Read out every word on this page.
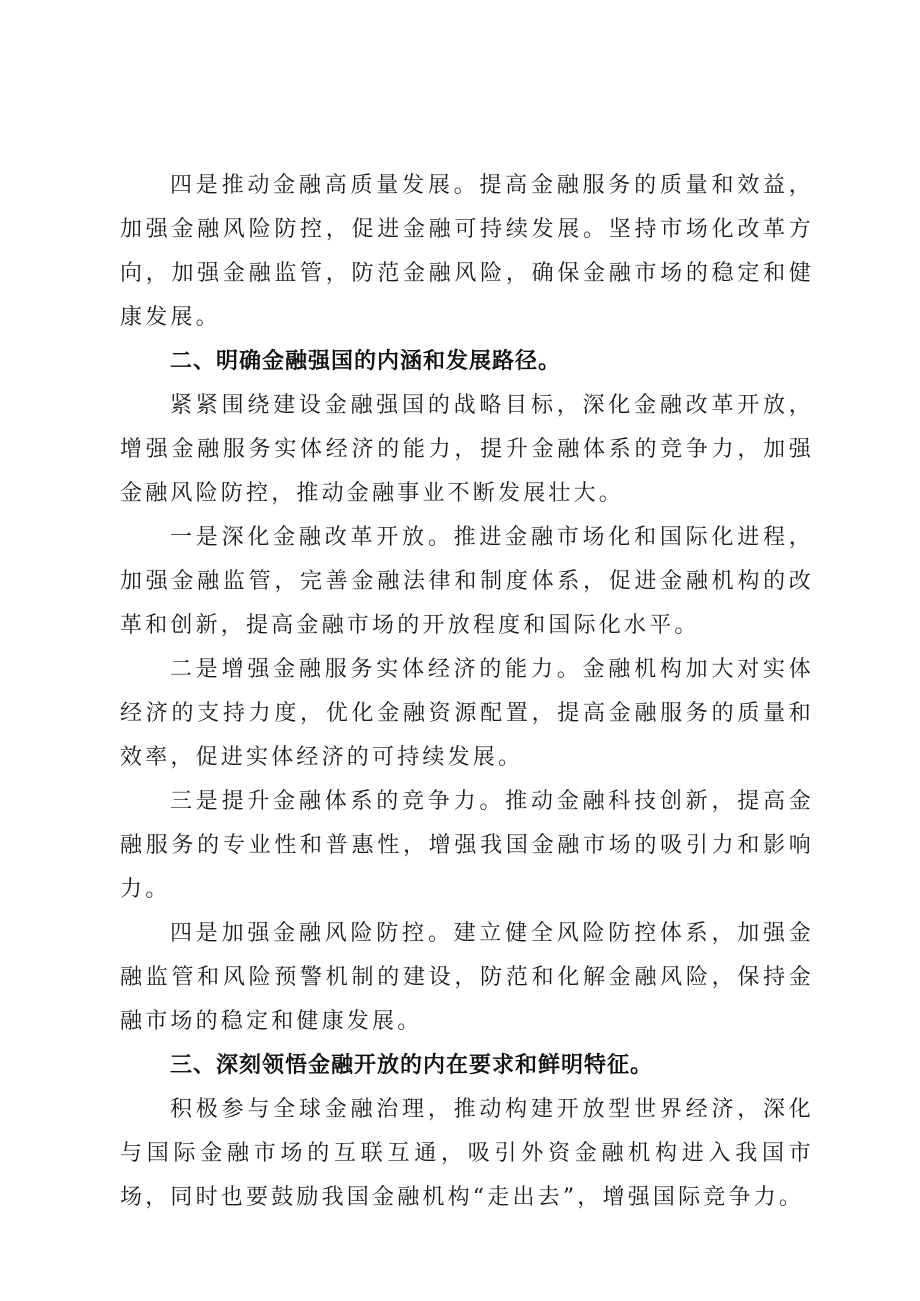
四是推动金融高质量发展。提高金融服务的质量和效益，加强金融风险防控，促进金融可持续发展。坚持市场化改革方向，加强金融监管，防范金融风险，确保金融市场的稳定和健康发展。

二、明确金融强国的内涵和发展路径。

紧紧围绕建设金融强国的战略目标，深化金融改革开放，增强金融服务实体经济的能力，提升金融体系的竞争力，加强金融风险防控，推动金融事业不断发展壮大。

一是深化金融改革开放。推进金融市场化和国际化进程，加强金融监管，完善金融法律和制度体系，促进金融机构的改革和创新，提高金融市场的开放程度和国际化水平。

二是增强金融服务实体经济的能力。金融机构加大对实体经济的支持力度，优化金融资源配置，提高金融服务的质量和效率，促进实体经济的可持续发展。

三是提升金融体系的竞争力。推动金融科技创新，提高金融服务的专业性和普惠性，增强我国金融市场的吸引力和影响力。

四是加强金融风险防控。建立健全风险防控体系，加强金融监管和风险预警机制的建设，防范和化解金融风险，保持金融市场的稳定和健康发展。

三、深刻领悟金融开放的内在要求和鲜明特征。

积极参与全球金融治理，推动构建开放型世界经济，深化与国际金融市场的互联互通，吸引外资金融机构进入我国市场，同时也要鼓励我国金融机构“走出去”，增强国际竞争力。
